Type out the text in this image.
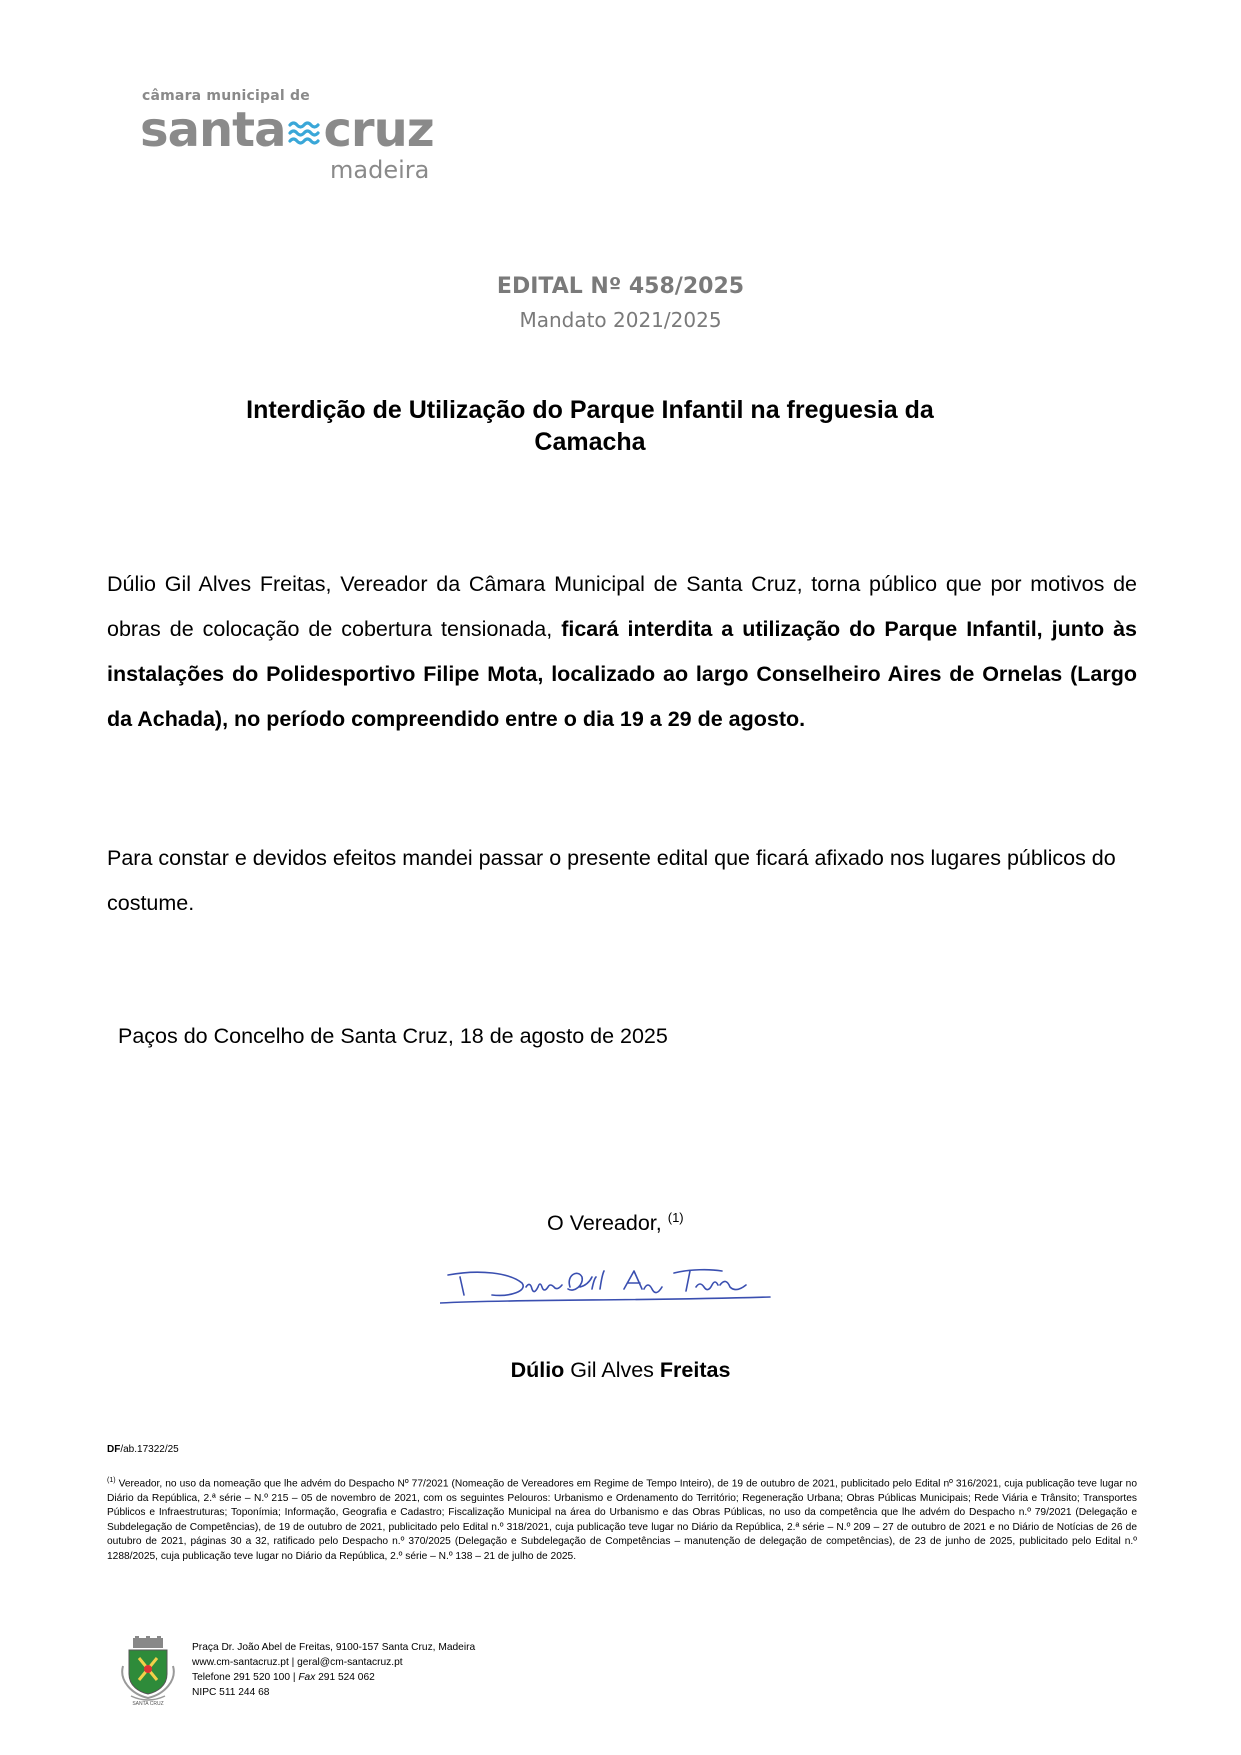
câmara municipal de
santa cruz
madeira
EDITAL Nº 458/2025
Mandato 2021/2025
Interdição de Utilização do Parque Infantil na freguesia da
Camacha
Dúlio Gil Alves Freitas, Vereador da Câmara Municipal de Santa Cruz, torna público que por motivos de obras de colocação de cobertura tensionada, ficará interdita a utilização do Parque Infantil, junto às instalações do Polidesportivo Filipe Mota, localizado ao largo Conselheiro Aires de Ornelas (Largo da Achada), no período compreendido entre o dia 19 a 29 de agosto.
Para constar e devidos efeitos mandei passar o presente edital que ficará afixado nos lugares públicos do costume.
Paços do Concelho de Santa Cruz, 18 de agosto de 2025
O Vereador, $^{(1)}$
Dúlio Gil Alves Freitas
DF/ab.17322/25
$^{(1)}$ Vereador, no uso da nomeação que lhe advém do Despacho Nº 77/2021 (Nomeação de Vereadores em Regime de Tempo Inteiro), de 19 de outubro de 2021, publicitado pelo Edital nº 316/2021, cuja publicação teve lugar no Diário da República, 2.ª série – N.º 215 – 05 de novembro de 2021, com os seguintes Pelouros: Urbanismo e Ordenamento do Território; Regeneração Urbana; Obras Públicas Municipais; Rede Viária e Trânsito; Transportes Públicos e Infraestruturas; Toponímia; Informação, Geografia e Cadastro; Fiscalização Municipal na área do Urbanismo e das Obras Públicas, no uso da competência que lhe advém do Despacho n.º 79/2021 (Delegação e Subdelegação de Competências), de 19 de outubro de 2021, publicitado pelo Edital n.º 318/2021, cuja publicação teve lugar no Diário da República, 2.ª série – N.º 209 – 27 de outubro de 2021 e no Diário de Notícias de 26 de outubro de 2021, páginas 30 a 32, ratificado pelo Despacho n.º 370/2025 (Delegação e Subdelegação de Competências – manutenção de delegação de competências), de 23 de junho de 2025, publicitado pelo Edital n.º 1288/2025, cuja publicação teve lugar no Diário da República, 2.º série – N.º 138 – 21 de julho de 2025.
SANTA CRUZ
Praça Dr. João Abel de Freitas, 9100-157 Santa Cruz, Madeira
www.cm-santacruz.pt | geral@cm-santacruz.pt
Telefone 291 520 100 | Fax 291 524 062
NIPC 511 244 68
